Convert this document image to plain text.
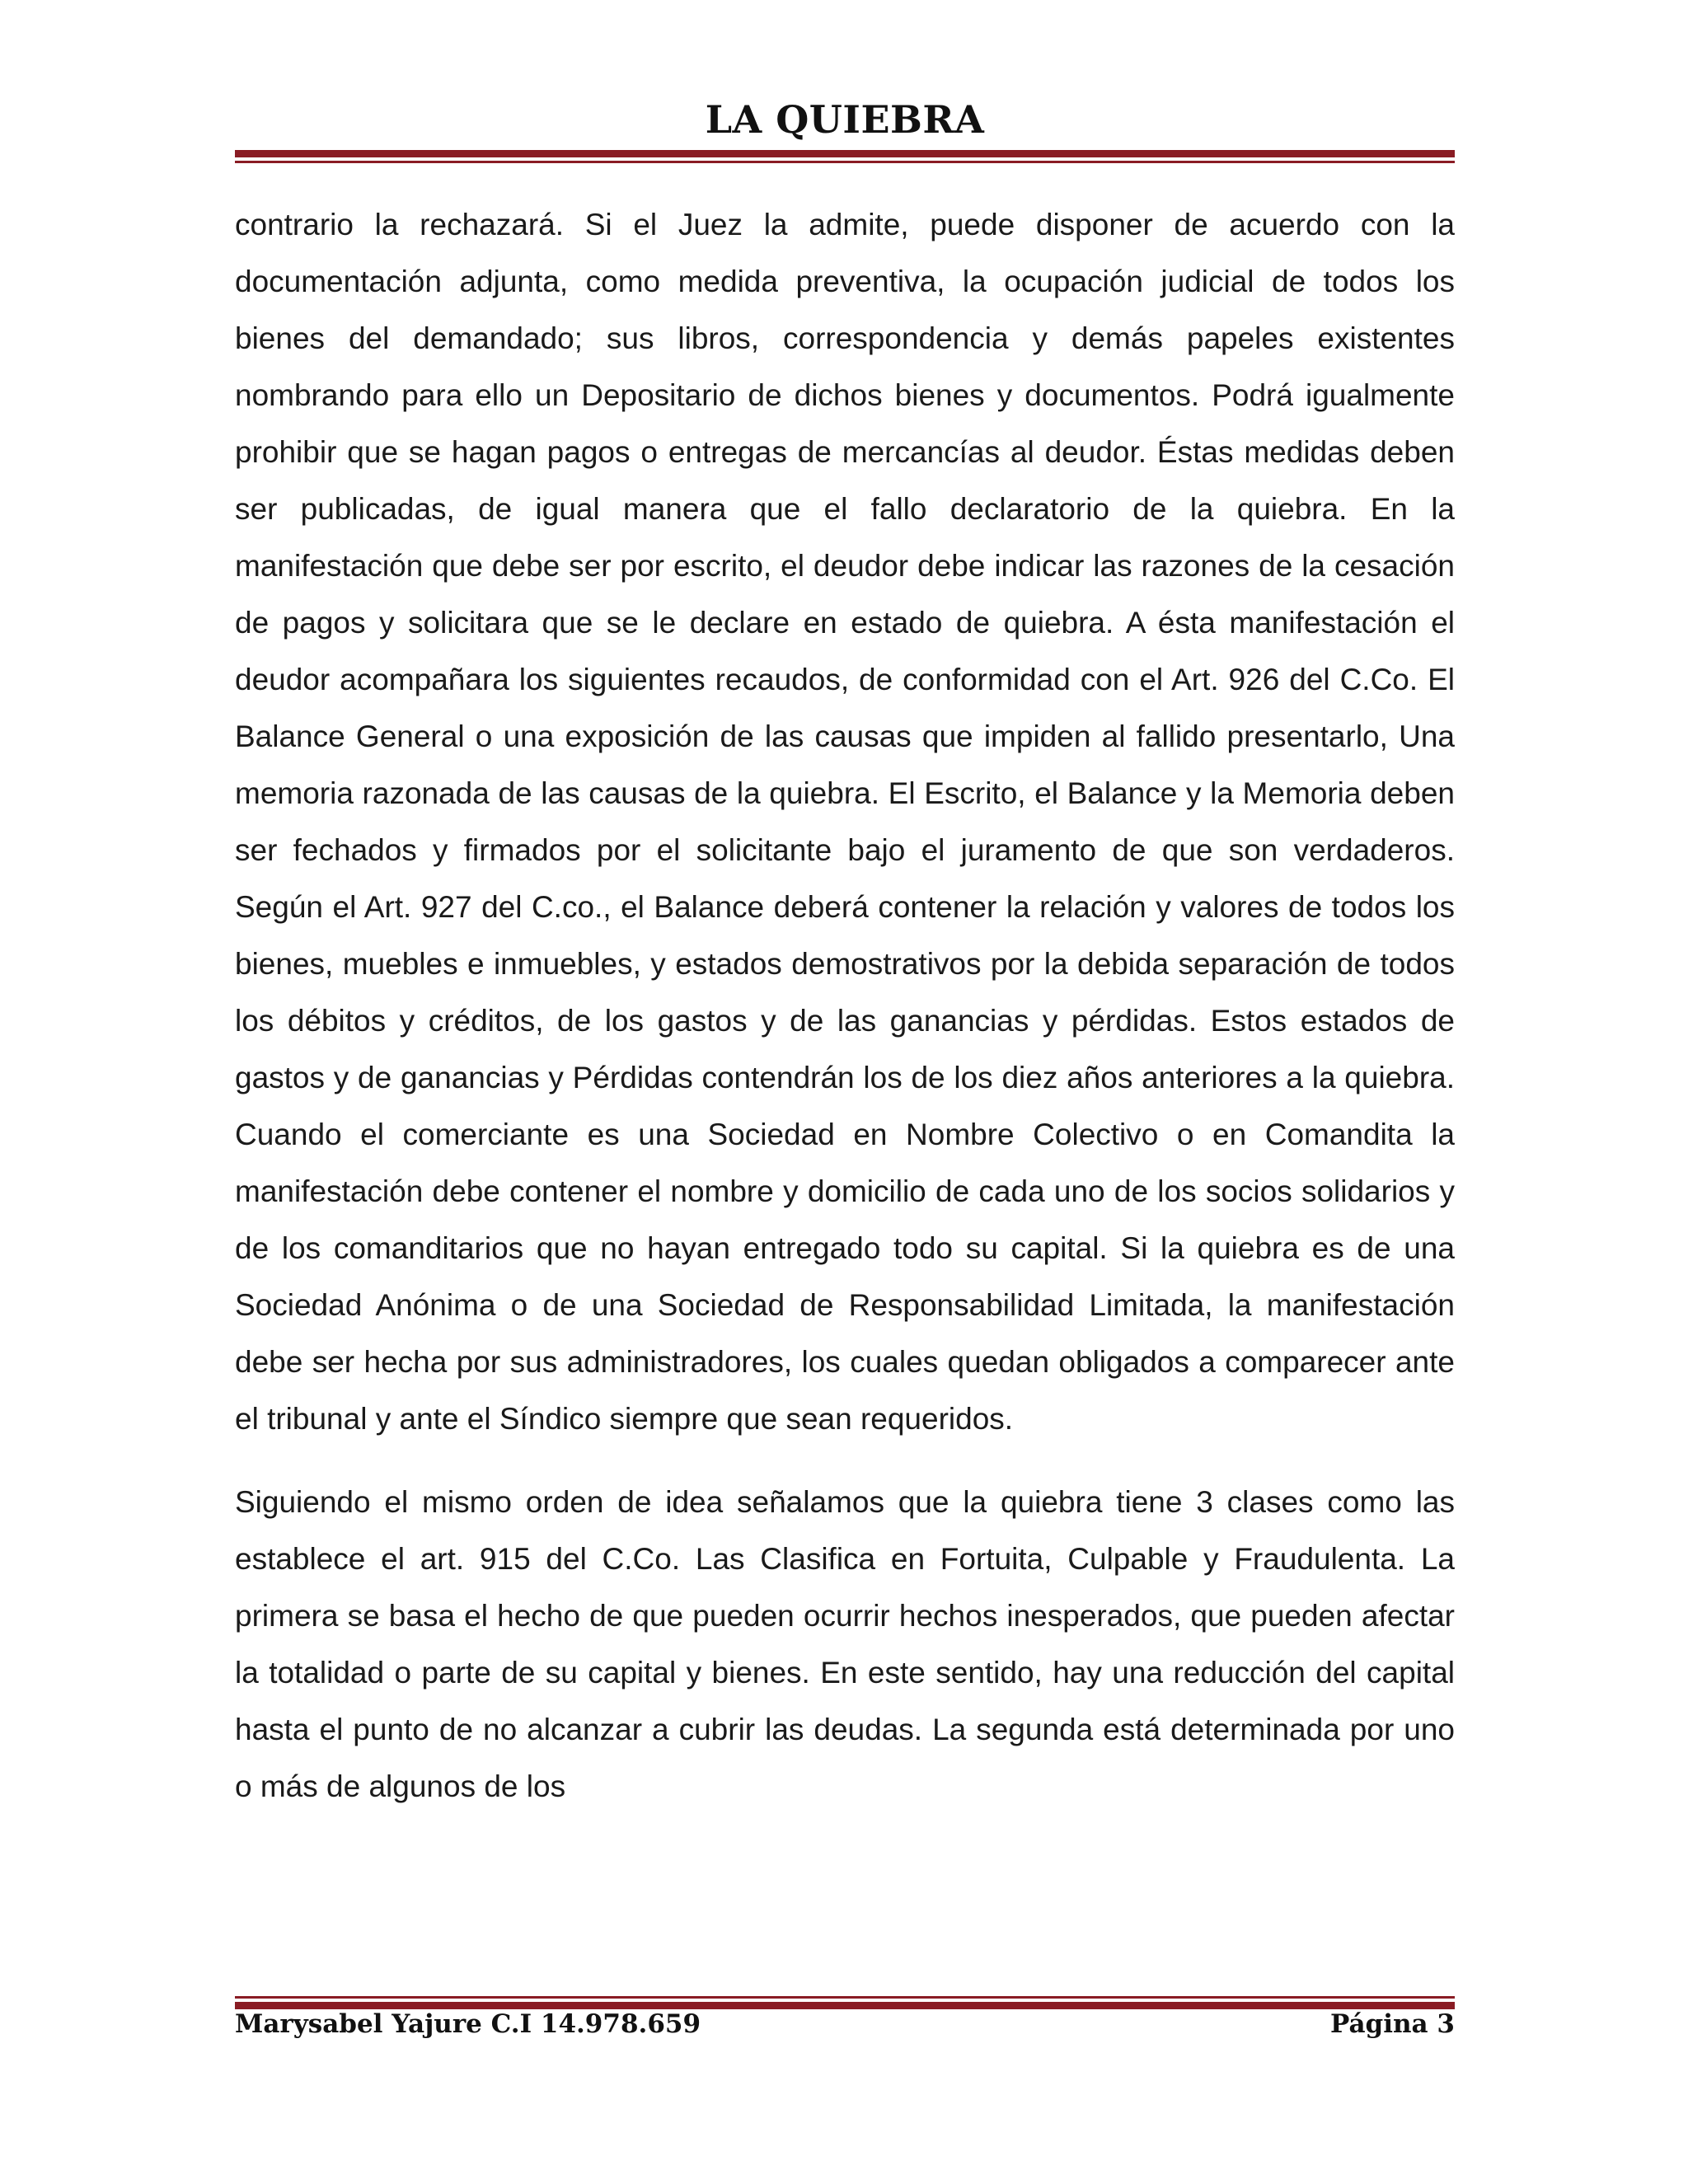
LA QUIEBRA

contrario la rechazará. Si el Juez la admite, puede disponer de acuerdo con la documentación adjunta, como medida preventiva, la ocupación judicial de todos los bienes del demandado; sus libros, correspondencia y demás papeles existentes nombrando para ello un Depositario de dichos bienes y documentos. Podrá igualmente prohibir que se hagan pagos o entregas de mercancías al deudor. Éstas medidas deben ser publicadas, de igual manera que el fallo declaratorio de la quiebra. En la manifestación que debe ser por escrito, el deudor debe indicar las razones de la cesación de pagos y solicitara que se le declare en estado de quiebra. A ésta manifestación el deudor acompañara los siguientes recaudos, de conformidad con el Art. 926 del C.Co. El Balance General o una exposición de las causas que impiden al fallido presentarlo, Una memoria razonada de las causas de la quiebra. El Escrito, el Balance y la Memoria deben ser fechados y firmados por el solicitante bajo el juramento de que son verdaderos. Según el Art. 927 del C.co., el Balance deberá contener la relación y valores de todos los bienes, muebles e inmuebles, y estados demostrativos por la debida separación de todos los débitos y créditos, de los gastos y de las ganancias y pérdidas. Estos estados de gastos y de ganancias y Pérdidas contendrán los de los diez años anteriores a la quiebra. Cuando el comerciante es una Sociedad en Nombre Colectivo o en Comandita la manifestación debe contener el nombre y domicilio de cada uno de los socios solidarios y de los comanditarios que no hayan entregado todo su capital. Si la quiebra es de una Sociedad Anónima o de una Sociedad de Responsabilidad Limitada, la manifestación debe ser hecha por sus administradores, los cuales quedan obligados a comparecer ante el tribunal y ante el Síndico siempre que sean requeridos.

Siguiendo el mismo orden de idea señalamos que la quiebra tiene 3 clases como las establece el art. 915 del C.Co. Las Clasifica en Fortuita, Culpable y Fraudulenta. La primera se basa el hecho de que pueden ocurrir hechos inesperados, que pueden afectar la totalidad o parte de su capital y bienes. En este sentido, hay una reducción del capital hasta el punto de no alcanzar a cubrir las deudas. La segunda está determinada por uno o más de algunos de los

Marysabel Yajure C.I 14.978.659	Página 3
